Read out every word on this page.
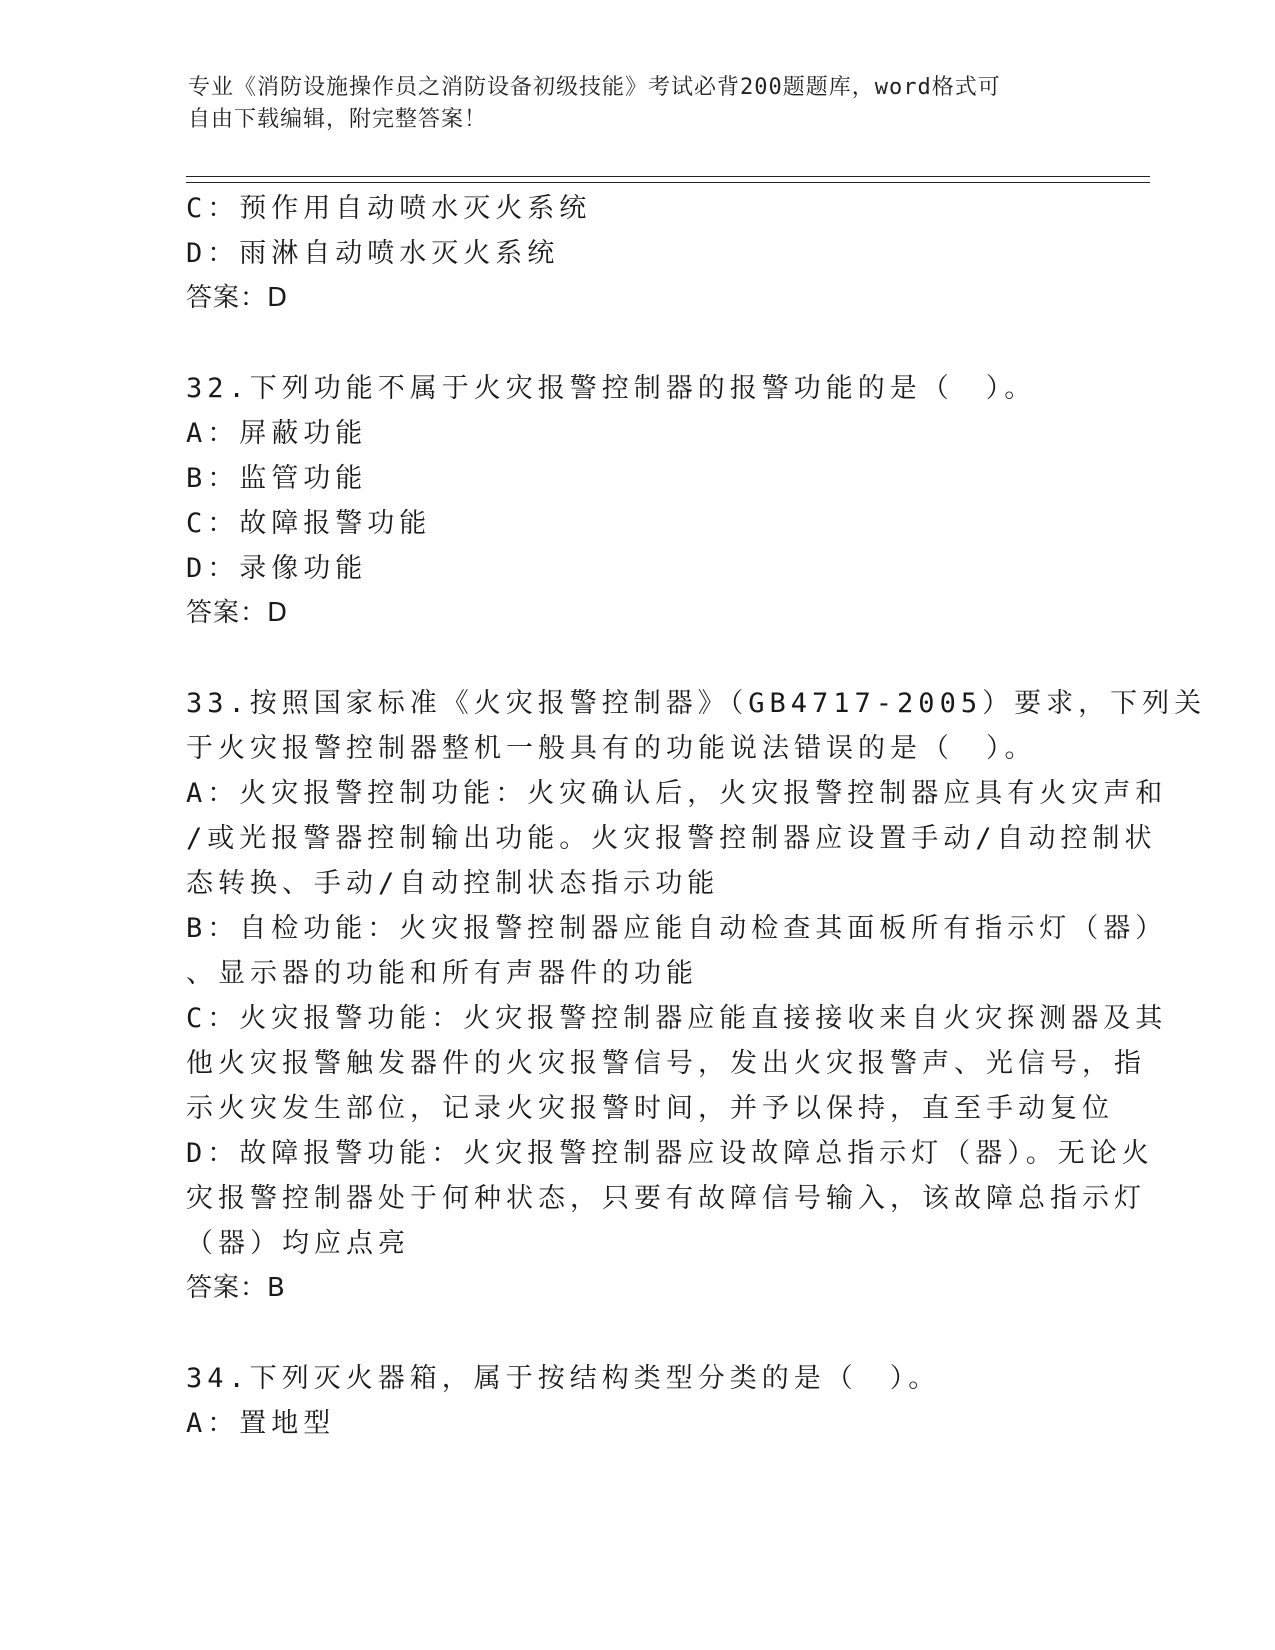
专业《消防设施操作员之消防设备初级技能》考试必背200题题库，word格式可
自由下载编辑，附完整答案！
C：预作用自动喷水灭火系统
D：雨淋自动喷水灭火系统
答案：D
32.下列功能不属于火灾报警控制器的报警功能的是（　）。
A：屏蔽功能
B：监管功能
C：故障报警功能
D：录像功能
答案：D
33.按照国家标准《火灾报警控制器》（GB4717-2005）要求，下列关
于火灾报警控制器整机一般具有的功能说法错误的是（　）。
A：火灾报警控制功能：火灾确认后，火灾报警控制器应具有火灾声和
/或光报警器控制输出功能。火灾报警控制器应设置手动/自动控制状
态转换、手动/自动控制状态指示功能
B：自检功能：火灾报警控制器应能自动检查其面板所有指示灯（器）
、显示器的功能和所有声器件的功能
C：火灾报警功能：火灾报警控制器应能直接接收来自火灾探测器及其
他火灾报警触发器件的火灾报警信号，发出火灾报警声、光信号，指
示火灾发生部位，记录火灾报警时间，并予以保持，直至手动复位
D：故障报警功能：火灾报警控制器应设故障总指示灯（器）。无论火
灾报警控制器处于何种状态，只要有故障信号输入，该故障总指示灯
（器）均应点亮
答案：B
34.下列灭火器箱，属于按结构类型分类的是（　）。
A：置地型
